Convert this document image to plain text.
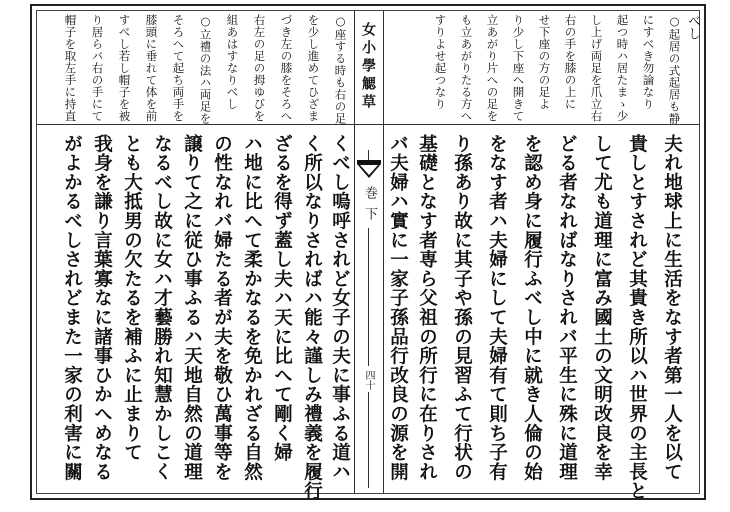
女小學䚡草
巻下
四十
べし
○起居の式起居も静
にすべき勿論なり
起つ時ハ居たまゝ少
し上げ両足を爪立右
右の手を膝の上に
せ下座の方の足よ
り少し下座へ開きて
立あがり片への足を
も立あがりたる方へ
すりよせ起つなり
夫れ地球上に生活をなす者第一人を以て
貴しとすされど其貴き所以ハ世界の主長と
して尤も道理に富み國土の文明改良を幸
どる者なればなりされバ平生に殊に道理
を認め身に履行ふべし中に就き人倫の始
をなす者ハ夫婦にして夫婦有て則ち子有
り孫あり故に其子や孫の見習ふて行状の
基礎となす者専ら父祖の所行に在りされ
バ夫婦ハ實に一家子孫品行改良の源を開
○座する時も右の足
を少し進めてひざま
づき左の膝をそろへ
右左の足の拇ゆびを
組あはすなりべし
○立禮の法ハ両足を
そろへて起ち両手を
膝頭に垂れて体を前
すべし若し帽子を被
り居らバ右の手にて
帽子を取左手に持直
くべし嗚呼されど女子の夫に事ふる道ハ
く所以なりさればハ能々謹しみ禮義を履行
ざるを得ず蓋し夫ハ天に比へて剛く婦
ハ地に比へて柔かなるを免かれざる自然
の性なれバ婦たる者が夫を敬ひ萬事等を
譲りて之に従ひ事ふるハ天地自然の道理
なるべし故に女ハ才藝勝れ知慧かしこく
とも大抵男の欠たるを補ふに止まりて
我身を謙り言葉寡なに諸事ひかへめなる
がよかるべしされどまた一家の利害に關
